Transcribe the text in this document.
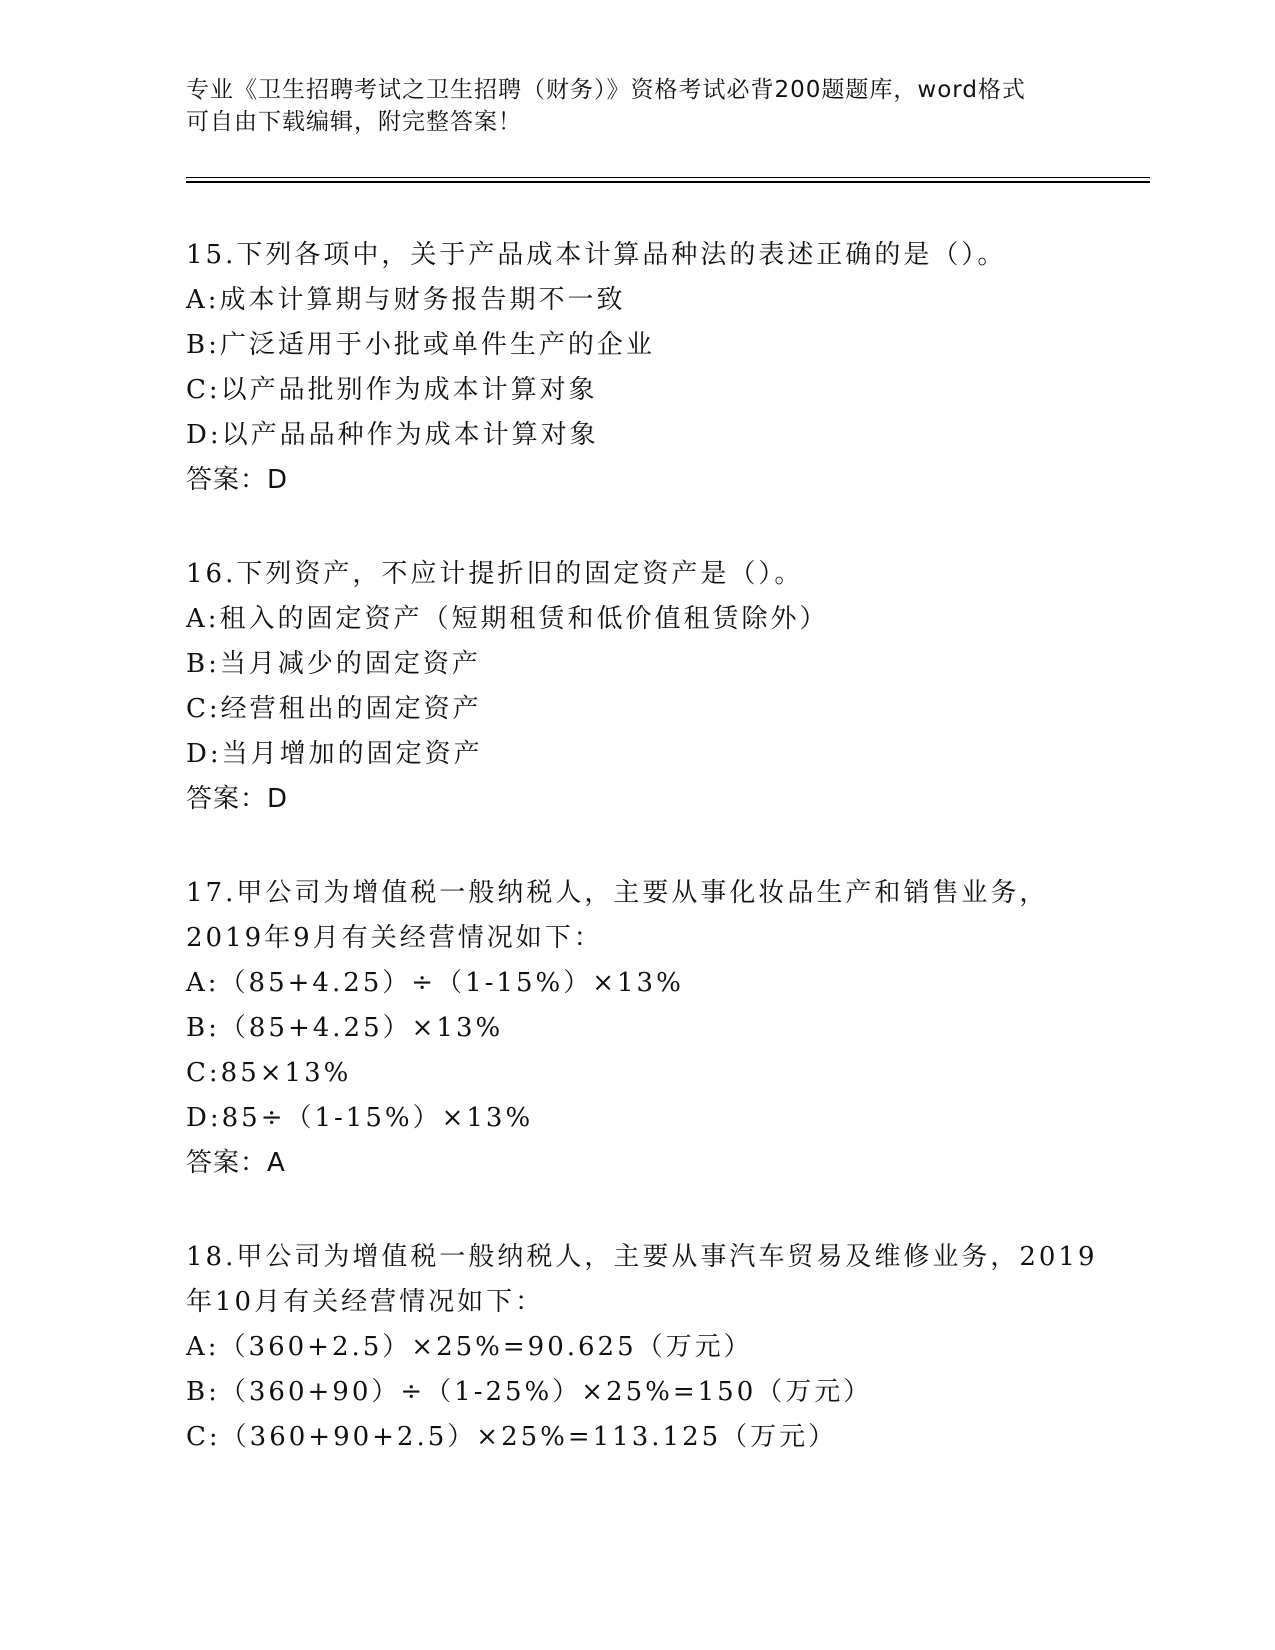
专业《卫生招聘考试之卫生招聘（财务）》资格考试必背200题题库，word格式
可自由下载编辑，附完整答案！
15.下列各项中，关于产品成本计算品种法的表述正确的是（）。
A:成本计算期与财务报告期不一致
B:广泛适用于小批或单件生产的企业
C:以产品批别作为成本计算对象
D:以产品品种作为成本计算对象
答案：D
16.下列资产，不应计提折旧的固定资产是（）。
A:租入的固定资产（短期租赁和低价值租赁除外）
B:当月减少的固定资产
C:经营租出的固定资产
D:当月增加的固定资产
答案：D
17.甲公司为增值税一般纳税人，主要从事化妆品生产和销售业务，
2019年9月有关经营情况如下：
A:（85+4.25）÷（1-15%）×13%
B:（85+4.25）×13%
C:85×13%
D:85÷（1-15%）×13%
答案：A
18.甲公司为增值税一般纳税人，主要从事汽车贸易及维修业务，2019
年10月有关经营情况如下：
A:（360+2.5）×25%=90.625（万元）
B:（360+90）÷（1-25%）×25%=150（万元）
C:（360+90+2.5）×25%=113.125（万元）
